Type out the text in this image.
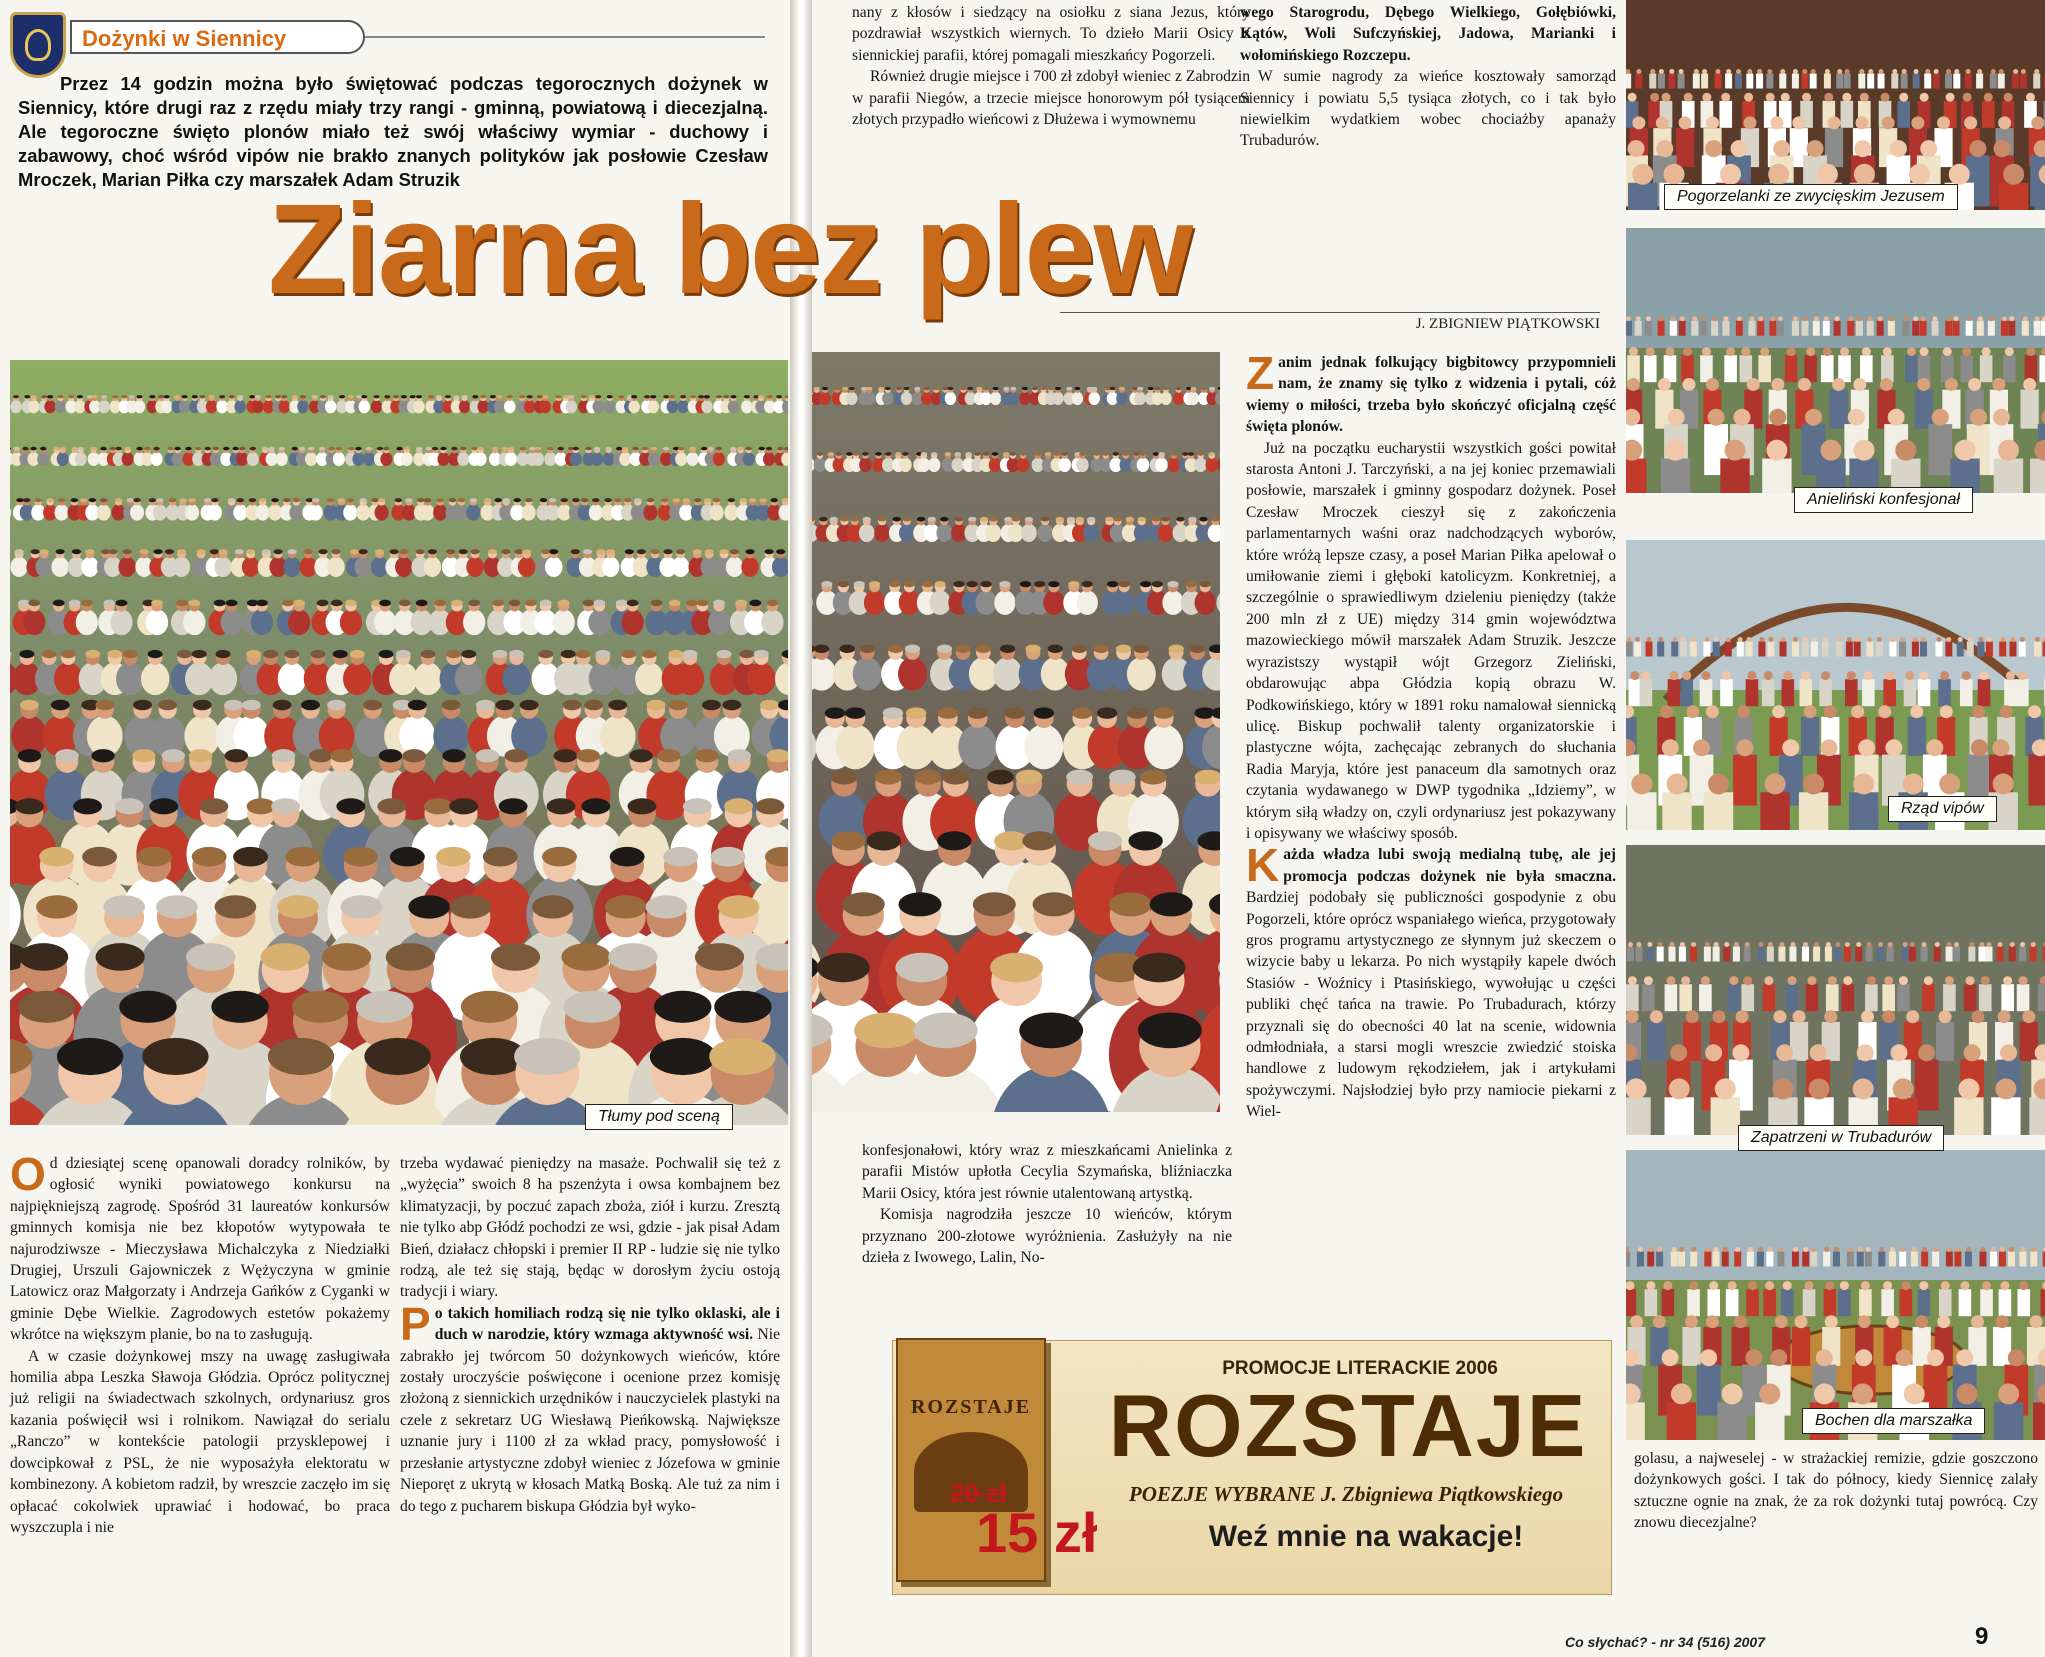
Dożynki w Siennicy
Przez 14 godzin można było świętować podczas tegorocznych dożynek w Siennicy, które drugi raz z rzędu miały trzy rangi - gminną, powiatową i diecezjalną. Ale tegoroczne święto plonów miało też swój właściwy wymiar - duchowy i zabawowy, choć wśród vipów nie brakło znanych polityków jak posłowie Czesław Mroczek, Marian Piłka czy marszałek Adam Struzik
Tłumy pod sceną

Od dziesiątej scenę opanowali doradcy rolników, by ogłosić wyniki powiatowego konkursu na najpiękniejszą zagrodę. Spośród 31 laureatów konkursów gminnych komisja nie bez kłopotów wytypowała te najurodziwsze - Mieczysława Michalczyka z Niedziałki Drugiej, Urszuli Gajowniczek z Wężyczyna w gminie Latowicz oraz Małgorzaty i Andrzeja Gańków z Cyganki w gminie Dębe Wielkie. Zagrodowych estetów pokażemy wkrótce na większym planie, bo na to zasługują.

A w czasie dożynkowej mszy na uwagę zasługiwała homilia abpa Leszka Sławoja Głódzia. Oprócz politycznej już religii na świadectwach szkolnych, ordynariusz gros kazania poświęcił wsi i rolnikom. Nawiązał do serialu „Ranczo” w kontekście patologii przysklepowej i dowcipkował z PSL, że nie wyposażyła elektoratu w kombinezony. A kobietom radził, by wreszcie zaczęło im się opłacać cokolwiek uprawiać i hodować, bo praca wyszczupla i nie

trzeba wydawać pieniędzy na masaże. Pochwalił się też z „wyżęcia” swoich 8 ha pszenżyta i owsa kombajnem bez klimatyzacji, by poczuć zapach zboża, ziół i kurzu. Zresztą nie tylko abp Głódź pochodzi ze wsi, gdzie - jak pisał Adam Bień, działacz chłopski i premier II RP - ludzie się nie tylko rodzą, ale też się stają, będąc w dorosłym życiu ostoją tradycji i wiary.

Po takich homiliach rodzą się nie tylko oklaski, ale i duch w narodzie, który wzmaga aktywność wsi. Nie zabrakło jej twórcom 50 dożynkowych wieńców, które zostały uroczyście poświęcone i ocenione przez komisję złożoną z siennickich urzędników i nauczycielek plastyki na czele z sekretarz UG Wiesławą Pieńkowską. Największe uznanie jury i 1100 zł za wkład pracy, pomysłowość i przesłanie artystyczne zdobył wieniec z Józefowa w gminie Nieporęt z ukrytą w kłosach Matką Boską. Ale tuż za nim i do tego z pucharem biskupa Głódzia był wyko-

nany z kłosów i siedzący na osiołku z siana Jezus, który pozdrawiał wszystkich wiernych. To dzieło Marii Osicy z siennickiej parafii, której pomagali mieszkańcy Pogorzeli.

Również drugie miejsce i 700 zł zdobył wieniec z Zabrodzin w parafii Niegów, a trzecie miejsce honorowym pół tysiącem złotych przypadło wieńcowi z Dłużewa i wymownemu

wego Starogrodu, Dębego Wielkiego, Gołębiówki, Kątów, Woli Sufczyńskiej, Jadowa, Marianki i wołomińskiego Rozczepu.

W sumie nagrody za wieńce kosztowały samorząd Siennicy i powiatu 5,5 tysiąca złotych, co i tak było niewielkim wydatkiem wobec chociażby apanaży Trubadurów.

Zanim jednak folkujący bigbitowcy przypomnieli nam, że znamy się tylko z widzenia i pytali, cóż wiemy o miłości, trzeba było skończyć oficjalną część święta plonów.

Już na początku eucharystii wszystkich gości powitał starosta Antoni J. Tarczyński, a na jej koniec przemawiali posłowie, marszałek i gminny gospodarz dożynek. Poseł Czesław Mroczek cieszył się z zakończenia parlamentarnych waśni oraz nadchodzących wyborów, które wróżą lepsze czasy, a poseł Marian Piłka apelował o umiłowanie ziemi i głęboki katolicyzm. Konkretniej, a szczególnie o sprawiedliwym dzieleniu pieniędzy (także 200 mln zł z UE) między 314 gmin województwa mazowieckiego mówił marszałek Adam Struzik. Jeszcze wyrazistszy wystąpił wójt Grzegorz Zieliński, obdarowując abpa Głódzia kopią obrazu W. Podkowińskiego, który w 1891 roku namalował siennicką ulicę. Biskup pochwalił talenty organizatorskie i plastyczne wójta, zachęcając zebranych do słuchania Radia Maryja, które jest panaceum dla samotnych oraz czytania wydawanego w DWP tygodnika „Idziemy”, w którym siłą władzy on, czyli ordynariusz jest pokazywany i opisywany we właściwy sposób.

Każda władza lubi swoją medialną tubę, ale jej promocja podczas dożynek nie była smaczna. Bardziej podobały się publiczności gospodynie z obu Pogorzeli, które oprócz wspaniałego wieńca, przygotowały gros programu artystycznego ze słynnym już skeczem o wizycie baby u lekarza. Po nich wystąpiły kapele dwóch Stasiów - Woźnicy i Ptasińskiego, wywołując u części publiki chęć tańca na trawie. Po Trubadurach, którzy przyznali się do obecności 40 lat na scenie, widownia odmłodniała, a starsi mogli wreszcie zwiedzić stoiska handlowe z ludowym rękodziełem, jak i artykułami spożywczymi. Najsłodziej było przy namiocie piekarni z Wiel-

konfesjonałowi, który wraz z mieszkańcami Anielinka z parafii Mistów upłotła Cecylia Szymańska, bliźniaczka Marii Osicy, która jest równie utalentowaną artystką.

Komisja nagrodziła jeszcze 10 wieńców, którym przyznano 200-złotowe wyróżnienia. Zasłużyły na nie dzieła z Iwowego, Lalin, No-

Pogorzelanki ze zwycięskim Jezusem
Anieliński konfesjonał
Rząd vipów
Zapatrzeni w Trubadurów
Bochen dla marszałka

golasu, a najweselej - w strażackiej remizie, gdzie goszczono dożynkowych gości. I tak do północy, kiedy Siennicę zalały sztuczne ognie na znak, że za rok dożynki tutaj powrócą. Czy znowu diecezjalne?

Ziarna bez plew
J. ZBIGNIEW PIĄTKOWSKI
ROZSTAJE
PROMOCJE LITERACKIE 2006
ROZSTAJE
POEZJE WYBRANE J. Zbigniewa Piątkowskiego
20 zł
15 zł	Weź mnie na wakacje!
Co słychać? - nr 34 (516) 2007	9
